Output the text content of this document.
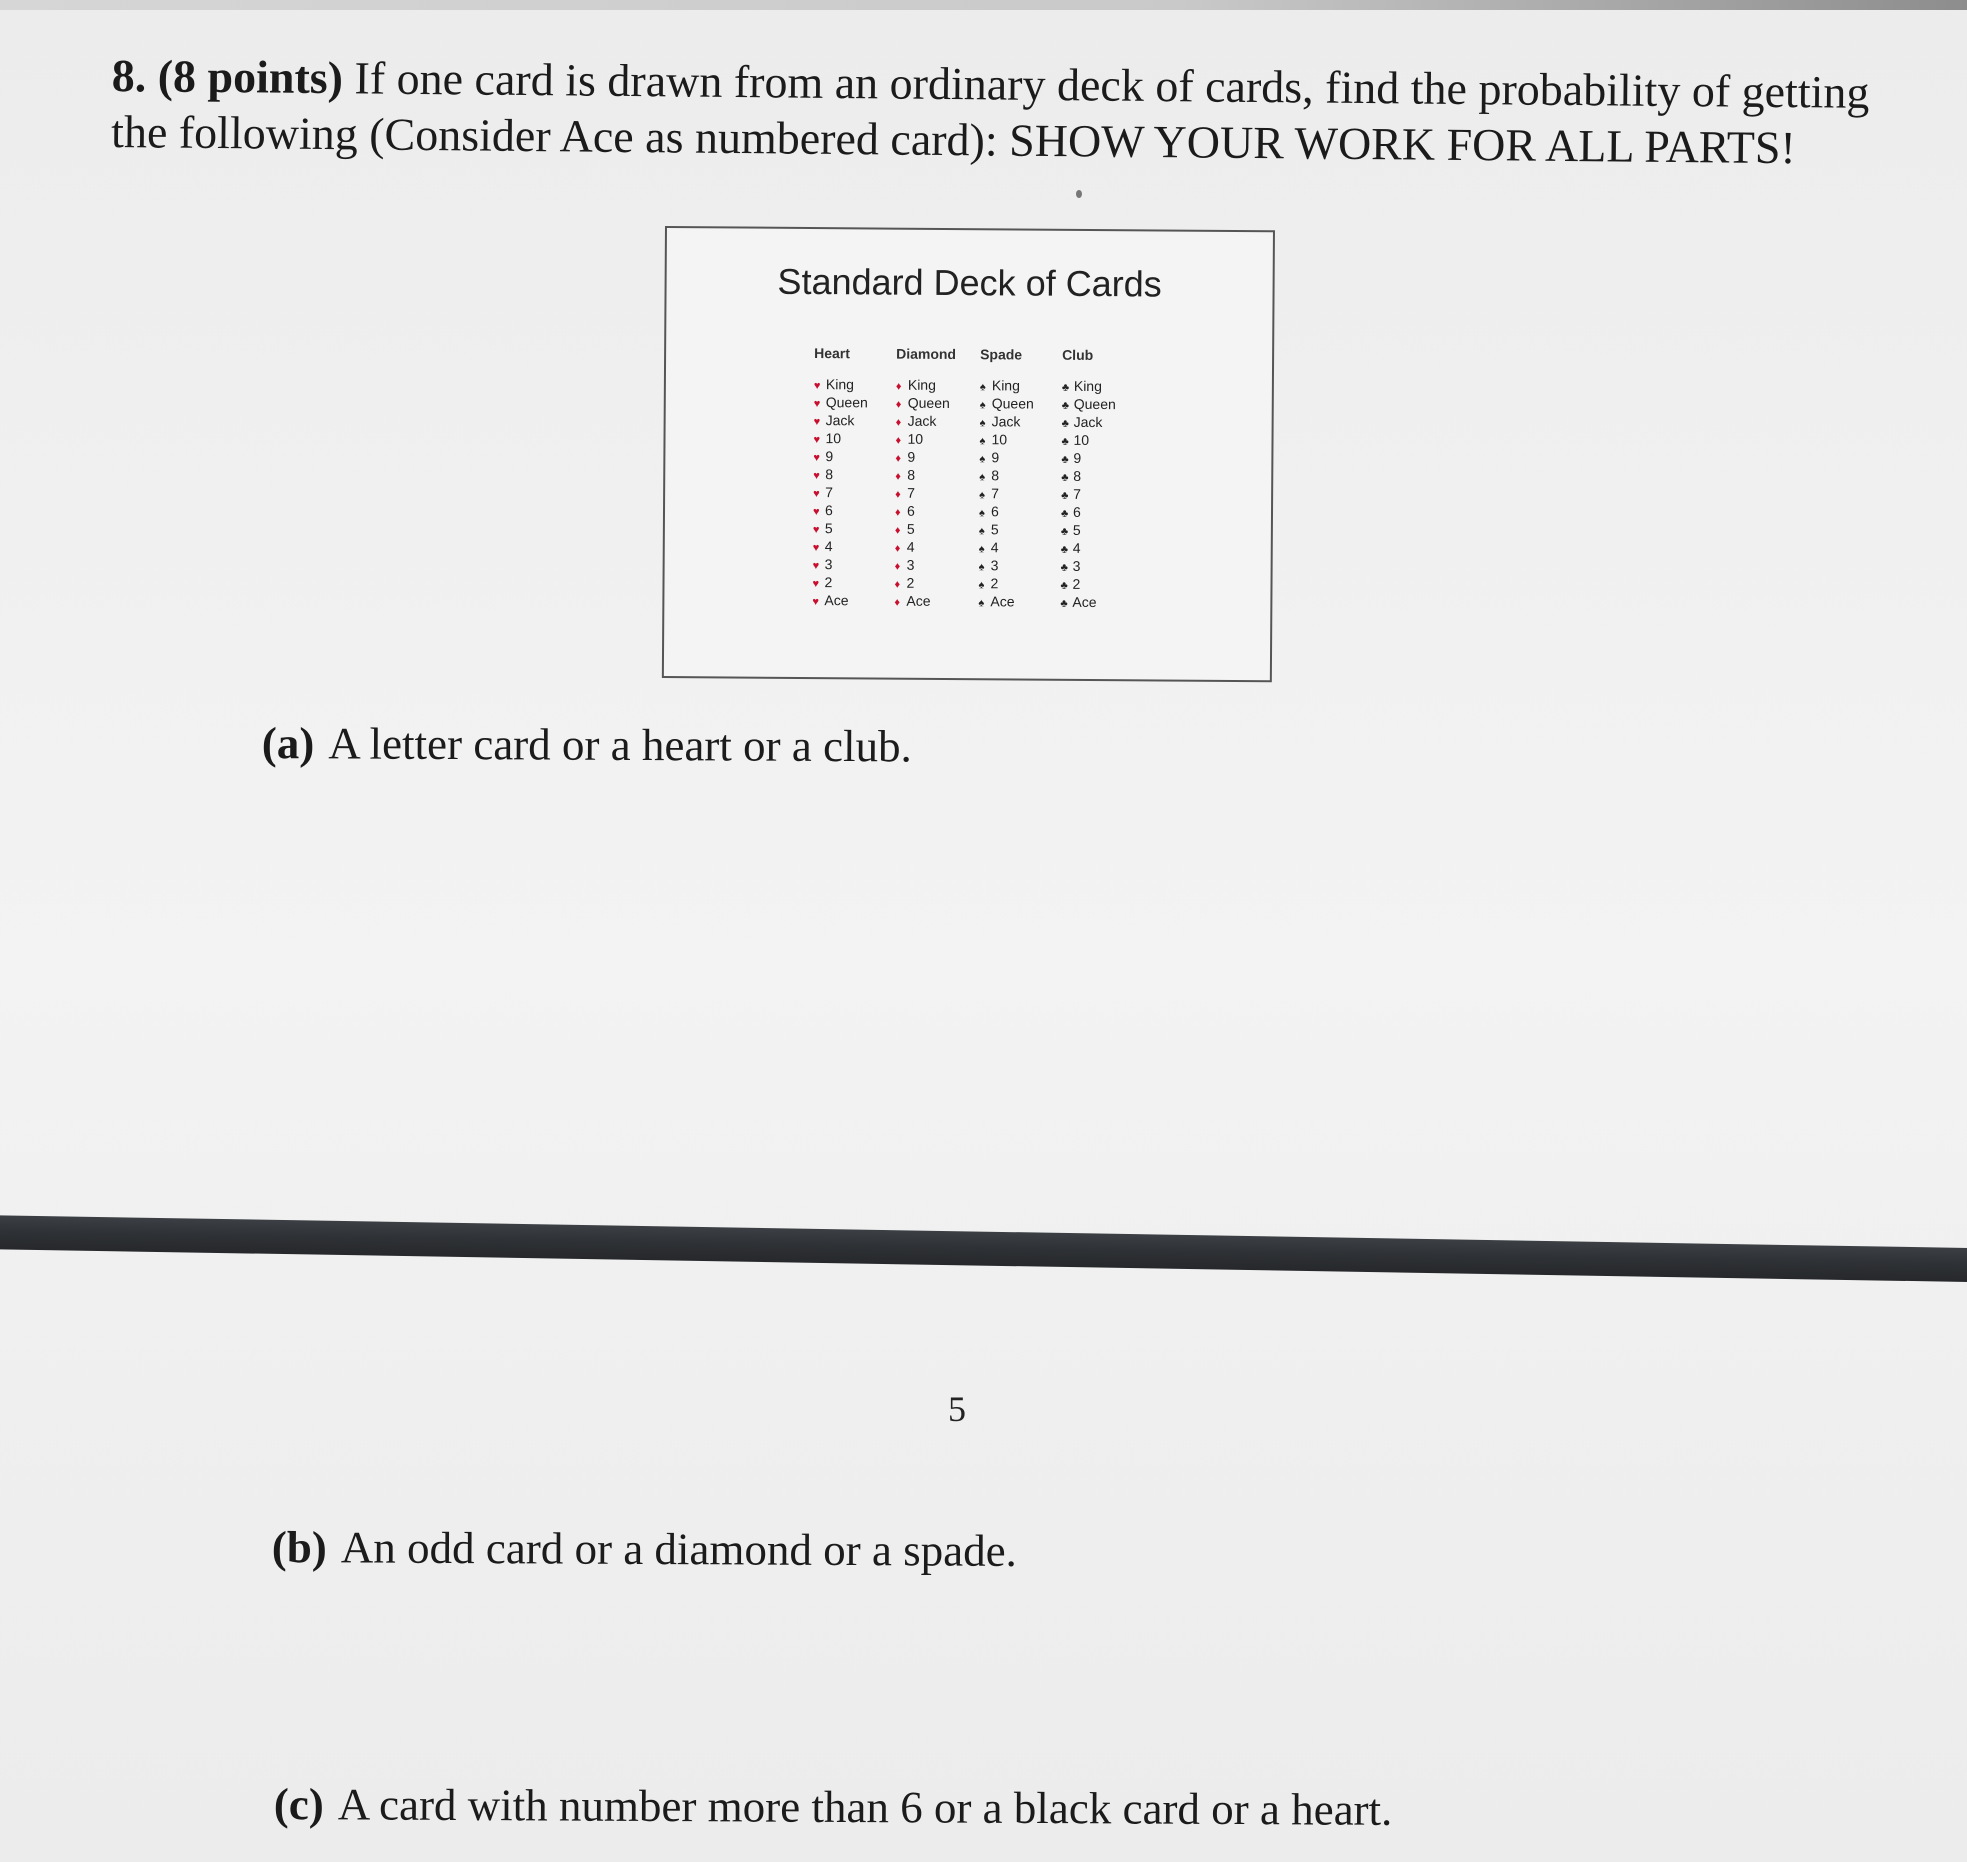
8. (8 points) If one card is drawn from an ordinary deck of cards, find the probability of getting the following (Consider Ace as numbered card): SHOW YOUR WORK FOR ALL PARTS!
Standard Deck of Cards
Heart
♥ King
♥ Queen
♥ Jack
♥ 10
♥ 9
♥ 8
♥ 7
♥ 6
♥ 5
♥ 4
♥ 3
♥ 2
♥ Ace
Diamond
♦ King
♦ Queen
♦ Jack
♦ 10
♦ 9
♦ 8
♦ 7
♦ 6
♦ 5
♦ 4
♦ 3
♦ 2
♦ Ace
Spade
♠ King
♠ Queen
♠ Jack
♠ 10
♠ 9
♠ 8
♠ 7
♠ 6
♠ 5
♠ 4
♠ 3
♠ 2
♠ Ace
Club
♣ King
♣ Queen
♣ Jack
♣ 10
♣ 9
♣ 8
♣ 7
♣ 6
♣ 5
♣ 4
♣ 3
♣ 2
♣ Ace
(a) A letter card or a heart or a club.
5
(b) An odd card or a diamond or a spade.
(c) A card with number more than 6 or a black card or a heart.
